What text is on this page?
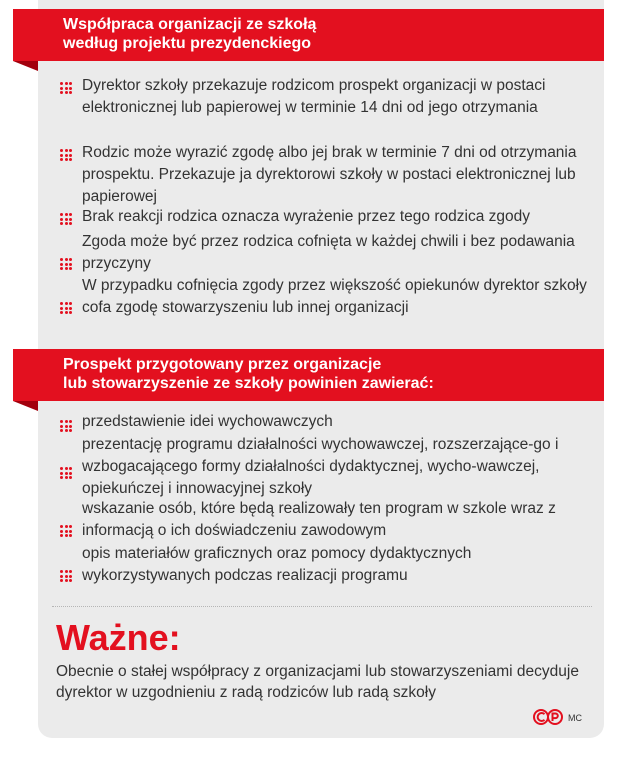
Współpraca organizacji ze szkołą
według projektu prezydenckiego
Dyrektor szkoły przekazuje rodzicom prospekt organizacji w postaci elektronicznej lub papierowej w terminie 14 dni od jego otrzymania
Rodzic może wyrazić zgodę albo jej brak w terminie 7 dni od otrzymania prospektu. Przekazuje ja dyrektorowi szkoły w postaci elektronicznej lub papierowej
Brak reakcji rodzica oznacza wyrażenie przez tego rodzica zgody
Zgoda może być przez rodzica cofnięta w każdej chwili i bez podawania przyczyny
W przypadku cofnięcia zgody przez większość opiekunów dyrektor szkoły cofa zgodę stowarzyszeniu lub innej organizacji
Prospekt przygotowany przez organizacje
lub stowarzyszenie ze szkoły powinien zawierać:
przedstawienie idei wychowawczych
prezentację programu działalności wychowawczej, rozszerzające-go i wzbogacającego formy działalności dydaktycznej, wycho-wawczej, opiekuńczej i innowacyjnej szkoły
wskazanie osób, które będą realizowały ten program w szkole wraz z informacją o ich doświadczeniu zawodowym
opis materiałów graficznych oraz pomocy dydaktycznych wykorzystywanych podczas realizacji programu
Ważne:
Obecnie o stałej współpracy z organizacjami lub stowarzyszeniami decyduje dyrektor w uzgodnieniu z radą rodziców lub radą szkoły
MC
